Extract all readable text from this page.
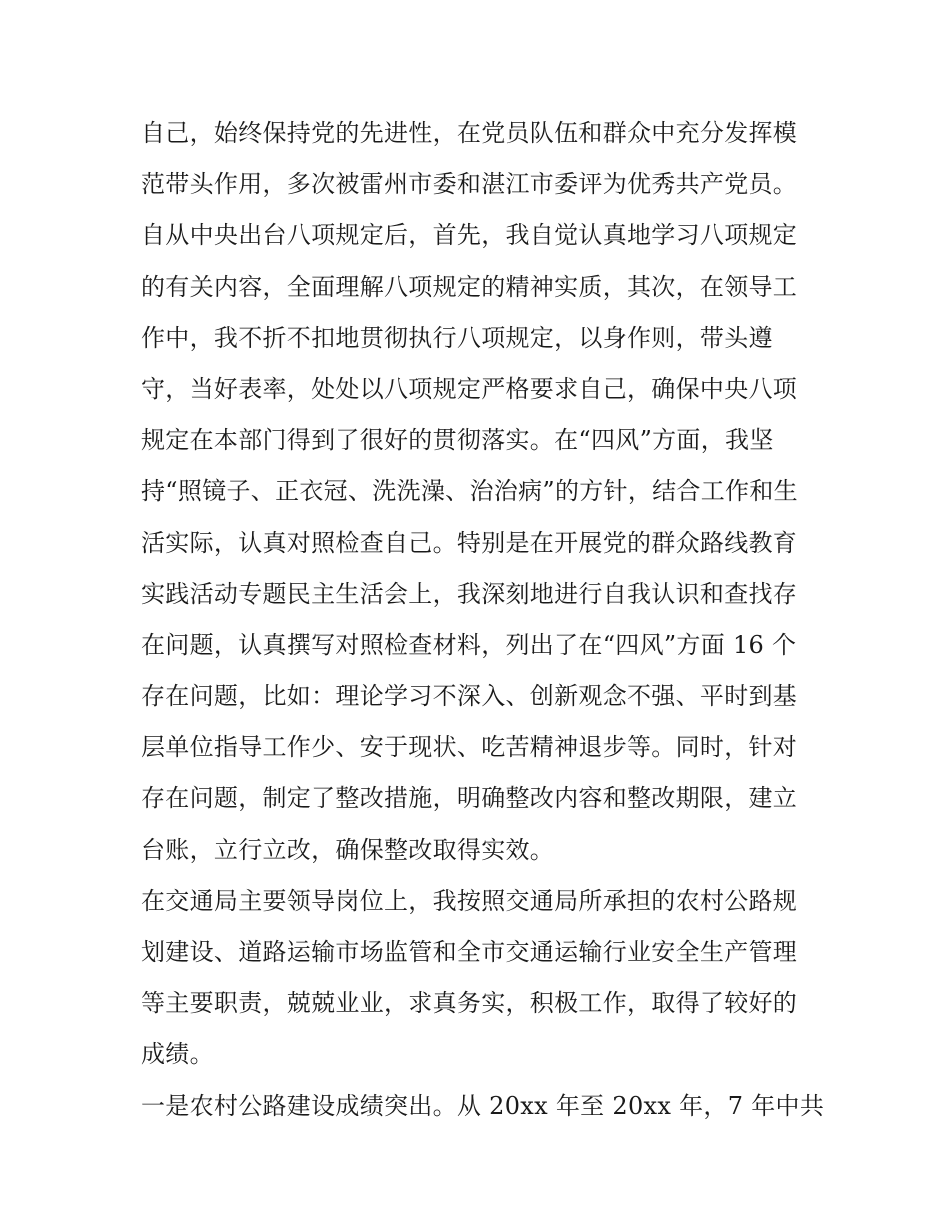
自己，始终保持党的先进性，在党员队伍和群众中充分发挥模
范带头作用，多次被雷州市委和湛江市委评为优秀共产党员。
自从中央出台八项规定后，首先，我自觉认真地学习八项规定
的有关内容，全面理解八项规定的精神实质，其次，在领导工
作中，我不折不扣地贯彻执行八项规定，以身作则，带头遵
守，当好表率，处处以八项规定严格要求自己，确保中央八项
规定在本部门得到了很好的贯彻落实。在“四风”方面，我坚
持“照镜子、正衣冠、洗洗澡、治治病”的方针，结合工作和生
活实际，认真对照检查自己。特别是在开展党的群众路线教育
实践活动专题民主生活会上，我深刻地进行自我认识和查找存
在问题，认真撰写对照检查材料，列出了在“四风”方面 16 个
存在问题，比如：理论学习不深入、创新观念不强、平时到基
层单位指导工作少、安于现状、吃苦精神退步等。同时，针对
存在问题，制定了整改措施，明确整改内容和整改期限，建立
台账，立行立改，确保整改取得实效。
在交通局主要领导岗位上，我按照交通局所承担的农村公路规
划建设、道路运输市场监管和全市交通运输行业安全生产管理
等主要职责，兢兢业业，求真务实，积极工作，取得了较好的
成绩。
一是农村公路建设成绩突出。从 20xx 年至 20xx 年，7 年中共
